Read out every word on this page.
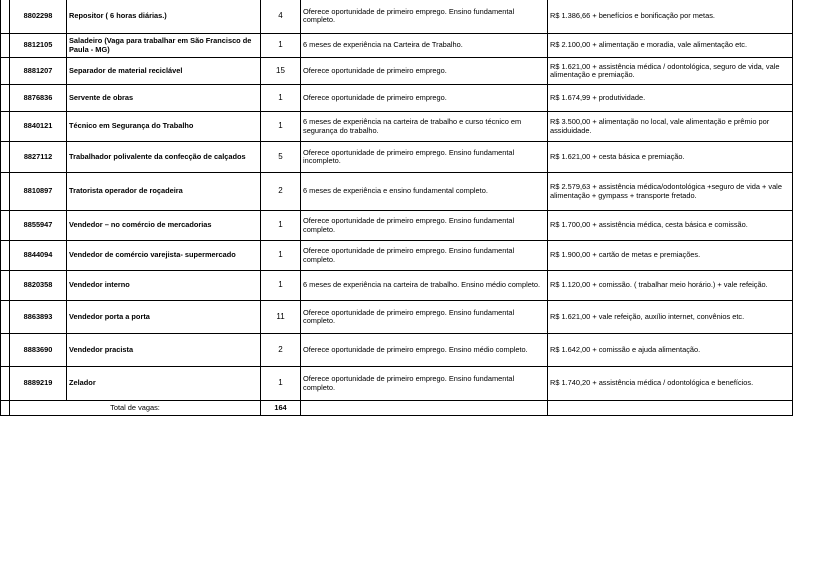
	8802298	Repositor ( 6 horas diárias.)	4	Oferece oportunidade de primeiro emprego. Ensino fundamental completo.	R$ 1.386,66 + benefícios e bonificação por metas.
	8812105	Saladeiro (Vaga para trabalhar em São Francisco de Paula - MG)	1	6 meses de experiência na Carteira de Trabalho.	R$ 2.100,00 + alimentação e moradia, vale alimentação etc.
	8881207	Separador de material reciclável	15	Oferece oportunidade de primeiro emprego.	R$ 1.621,00 + assistência médica / odontológica, seguro de vida, vale alimentação e premiação.
	8876836	Servente de obras	1	Oferece oportunidade de primeiro emprego.	R$ 1.674,99 + produtividade.
	8840121	Técnico em Segurança do Trabalho	1	6 meses de experiência na carteira de trabalho e curso técnico em segurança do trabalho.	R$ 3.500,00 + alimentação no local, vale alimentação e prêmio por assiduidade.
	8827112	Trabalhador polivalente da confecção de calçados	5	Oferece oportunidade de primeiro emprego. Ensino fundamental incompleto.	R$ 1.621,00 + cesta básica e premiação.
	8810897	Tratorista operador de roçadeira	2	6 meses de experiência e ensino fundamental completo.	R$ 2.579,63 + assistência médica/odontológica +seguro de vida + vale alimentação + gympass + transporte fretado.
	8855947	Vendedor – no comércio de mercadorias	1	Oferece oportunidade de primeiro emprego. Ensino fundamental completo.	R$ 1.700,00 + assistência médica, cesta básica e comissão.
	8844094	Vendedor de comércio varejista- supermercado	1	Oferece oportunidade de primeiro emprego. Ensino fundamental completo.	R$ 1.900,00 + cartão de metas e premiações.
	8820358	Vendedor interno	1	6 meses de experiência na carteira de trabalho. Ensino médio completo.	R$ 1.120,00 + comissão. ( trabalhar meio horário.) + vale refeição.
	8863893	Vendedor porta a porta	11	Oferece oportunidade de primeiro emprego. Ensino fundamental completo.	R$ 1.621,00 + vale refeição, auxílio internet, convênios etc.
	8883690	Vendedor pracista	2	Oferece oportunidade de primeiro emprego. Ensino médio completo.	R$ 1.642,00 + comissão e ajuda alimentação.
	8889219	Zelador	1	Oferece oportunidade de primeiro emprego. Ensino fundamental completo.	R$ 1.740,20 + assistência médica / odontológica e benefícios.
	Total de vagas:		164		
